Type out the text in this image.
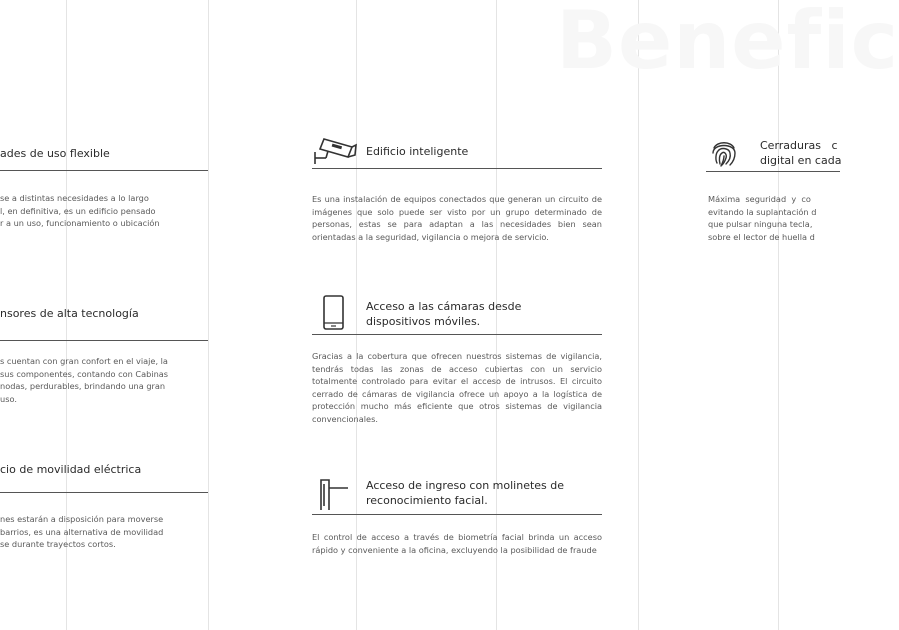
Benefic
ades de uso flexible
se a distintas necesidades a lo largo
l, en definitiva, es un edificio pensado
r a un uso, funcionamiento o ubicación
nsores de alta tecnología
s cuentan con gran confort en el viaje, la
sus componentes, contando con Cabinas
nodas, perdurables, brindando una gran
uso.
cio de movilidad eléctrica
nes estarán a disposición para moverse
barrios, es una alternativa de movilidad
se durante trayectos cortos.
Edificio inteligente
Es una instalación de equipos conectados que generan un circuito de imágenes que solo puede ser visto por un grupo determinado de personas, estas se para adaptan a las necesidades bien sean orientadas a la seguridad, vigilancia o mejora de servicio.
Acceso a las cámaras desde
dispositivos móviles.
Gracias a la cobertura que ofrecen nuestros sistemas de vigilancia, tendrás todas las zonas de acceso cubiertas con un servicio totalmente controlado para evitar el acceso de intrusos. El circuito cerrado de cámaras de vigilancia ofrece un apoyo a la logística de protección mucho más eficiente que otros sistemas de vigilancia convencionales.
Acceso de ingreso con molinetes de
reconocimiento facial.
El control de acceso a través de biometría facial brinda un acceso rápido y conveniente a la oficina, excluyendo la posibilidad de fraude
Cerraduras   c
digital en cada
Máxima  seguridad  y  co
evitando la suplantación d
que pulsar ninguna tecla,
sobre el lector de huella d
